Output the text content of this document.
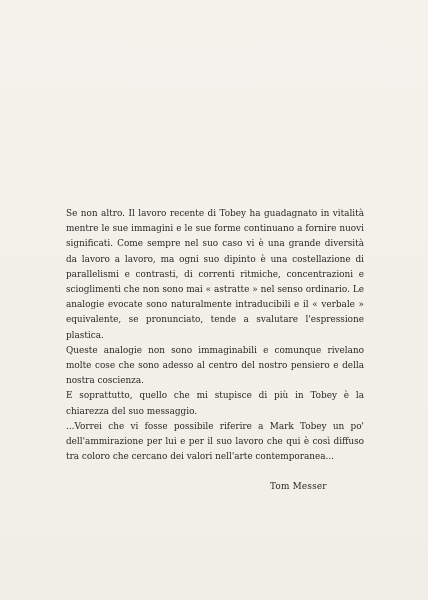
Se non altro. Il lavoro recente di Tobey ha guadagnato in vitalità mentre le sue immagini e le sue forme continuano a fornire nuovi significati. Come sempre nel suo caso vi è una grande diversità da lavoro a lavoro, ma ogni suo dipinto è una costellazione di parallelismi e contrasti, di correnti ritmiche, concentrazioni e scioglimenti che non sono mai « astratte » nel senso ordinario. Le analogie evocate sono naturalmente intraducibili e il « verbale » equivalente, se pronunciato, tende a svalutare l'espressione plastica.

Queste analogie non sono immaginabili e comunque rivelano molte cose che sono adesso al centro del nostro pensiero e della nostra coscienza.

E soprattutto, quello che mi stupisce di più in Tobey è la chiarezza del suo messaggio.

...Vorrei che vi fosse possibile riferire a Mark Tobey un po' dell'ammirazione per lui e per il suo lavoro che qui è così diffuso tra coloro che cercano dei valori nell'arte contemporanea...

Tom Messer
